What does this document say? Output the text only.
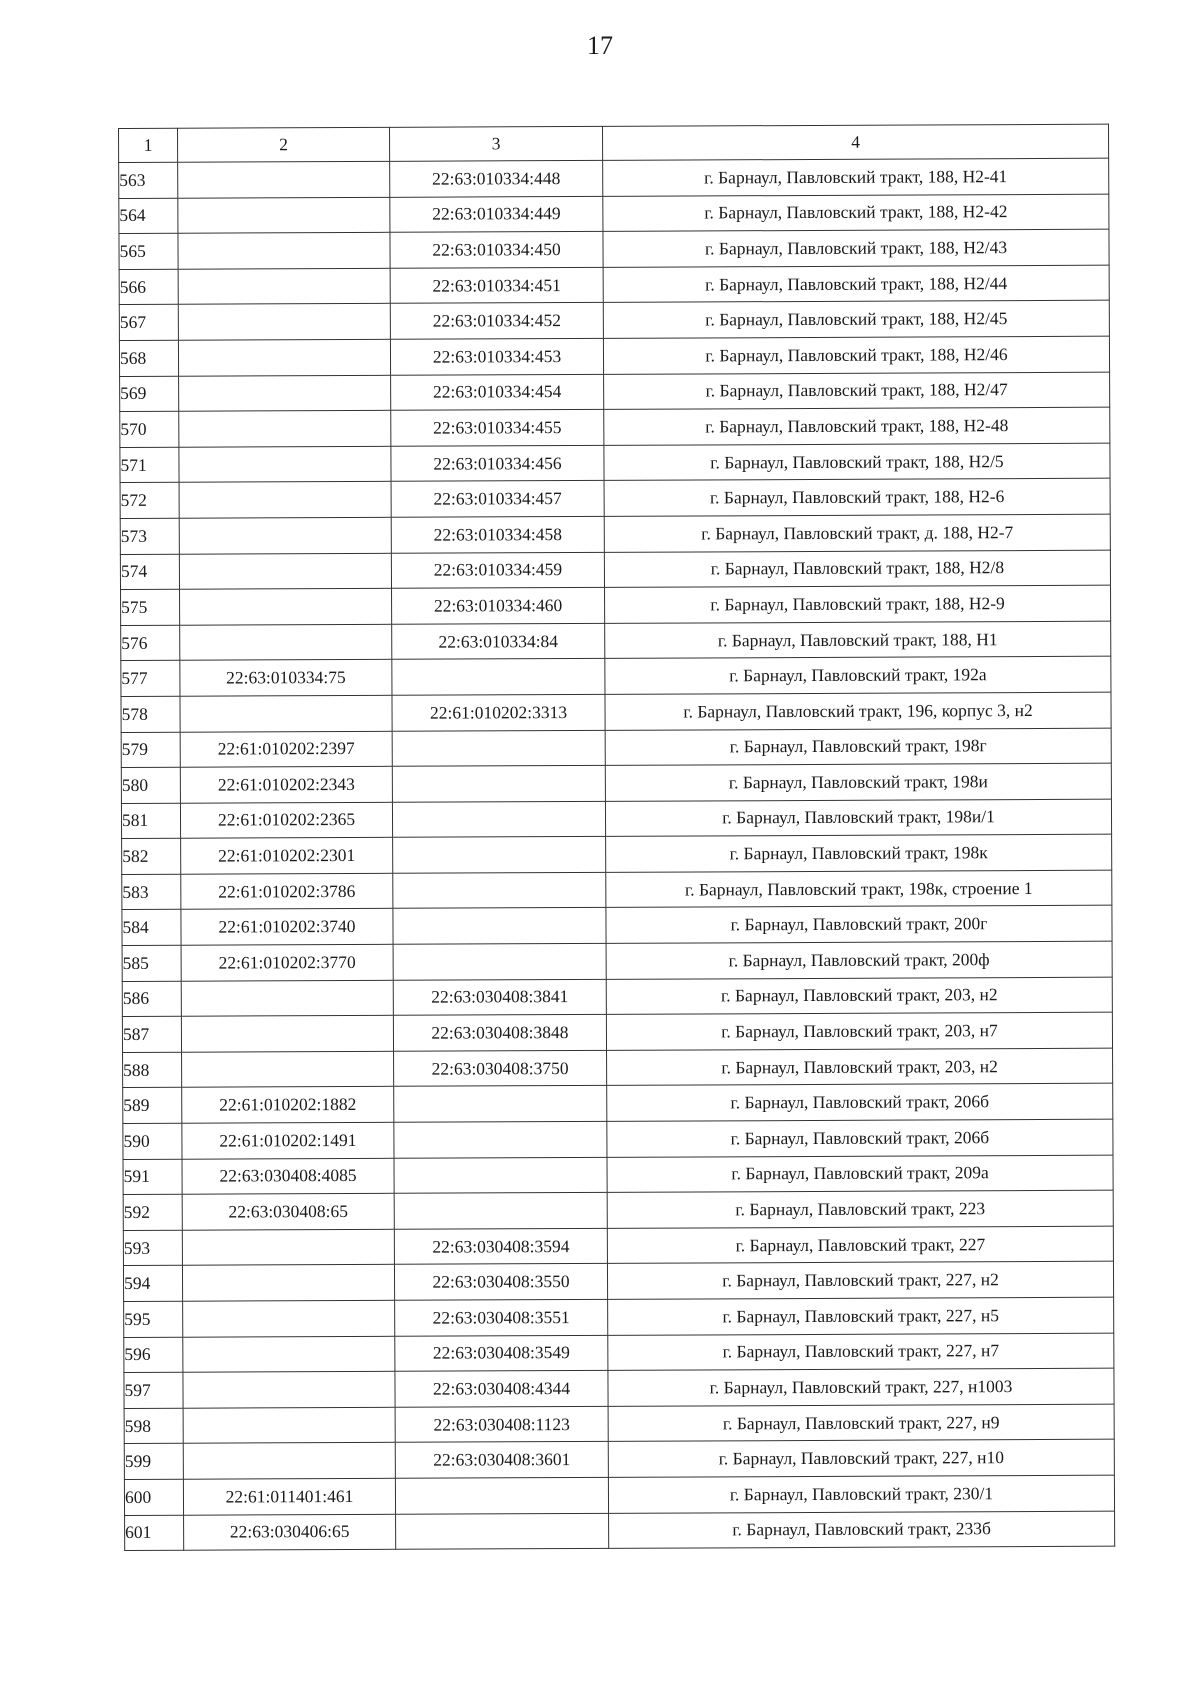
17
1	2	3	4
563		22:63:010334:448	г. Барнаул, Павловский тракт, 188, Н2-41
564		22:63:010334:449	г. Барнаул, Павловский тракт, 188, Н2-42
565		22:63:010334:450	г. Барнаул, Павловский тракт, 188, Н2/43
566		22:63:010334:451	г. Барнаул, Павловский тракт, 188, Н2/44
567		22:63:010334:452	г. Барнаул, Павловский тракт, 188, Н2/45
568		22:63:010334:453	г. Барнаул, Павловский тракт, 188, Н2/46
569		22:63:010334:454	г. Барнаул, Павловский тракт, 188, Н2/47
570		22:63:010334:455	г. Барнаул, Павловский тракт, 188, Н2-48
571		22:63:010334:456	г. Барнаул, Павловский тракт, 188, Н2/5
572		22:63:010334:457	г. Барнаул, Павловский тракт, 188, Н2-6
573		22:63:010334:458	г. Барнаул, Павловский тракт, д. 188, Н2-7
574		22:63:010334:459	г. Барнаул, Павловский тракт, 188, Н2/8
575		22:63:010334:460	г. Барнаул, Павловский тракт, 188, Н2-9
576		22:63:010334:84	г. Барнаул, Павловский тракт, 188, Н1
577	22:63:010334:75		г. Барнаул, Павловский тракт, 192а
578		22:61:010202:3313	г. Барнаул, Павловский тракт, 196, корпус 3, н2
579	22:61:010202:2397		г. Барнаул, Павловский тракт, 198г
580	22:61:010202:2343		г. Барнаул, Павловский тракт, 198и
581	22:61:010202:2365		г. Барнаул, Павловский тракт, 198и/1
582	22:61:010202:2301		г. Барнаул, Павловский тракт, 198к
583	22:61:010202:3786		г. Барнаул, Павловский тракт, 198к, строение 1
584	22:61:010202:3740		г. Барнаул, Павловский тракт, 200г
585	22:61:010202:3770		г. Барнаул, Павловский тракт, 200ф
586		22:63:030408:3841	г. Барнаул, Павловский тракт, 203, н2
587		22:63:030408:3848	г. Барнаул, Павловский тракт, 203, н7
588		22:63:030408:3750	г. Барнаул, Павловский тракт, 203, н2
589	22:61:010202:1882		г. Барнаул, Павловский тракт, 206б
590	22:61:010202:1491		г. Барнаул, Павловский тракт, 206б
591	22:63:030408:4085		г. Барнаул, Павловский тракт, 209а
592	22:63:030408:65		г. Барнаул, Павловский тракт, 223
593		22:63:030408:3594	г. Барнаул, Павловский тракт, 227
594		22:63:030408:3550	г. Барнаул, Павловский тракт, 227, н2
595		22:63:030408:3551	г. Барнаул, Павловский тракт, 227, н5
596		22:63:030408:3549	г. Барнаул, Павловский тракт, 227, н7
597		22:63:030408:4344	г. Барнаул, Павловский тракт, 227, н1003
598		22:63:030408:1123	г. Барнаул, Павловский тракт, 227, н9
599		22:63:030408:3601	г. Барнаул, Павловский тракт, 227, н10
600	22:61:011401:461		г. Барнаул, Павловский тракт, 230/1
601	22:63:030406:65		г. Барнаул, Павловский тракт, 233б
